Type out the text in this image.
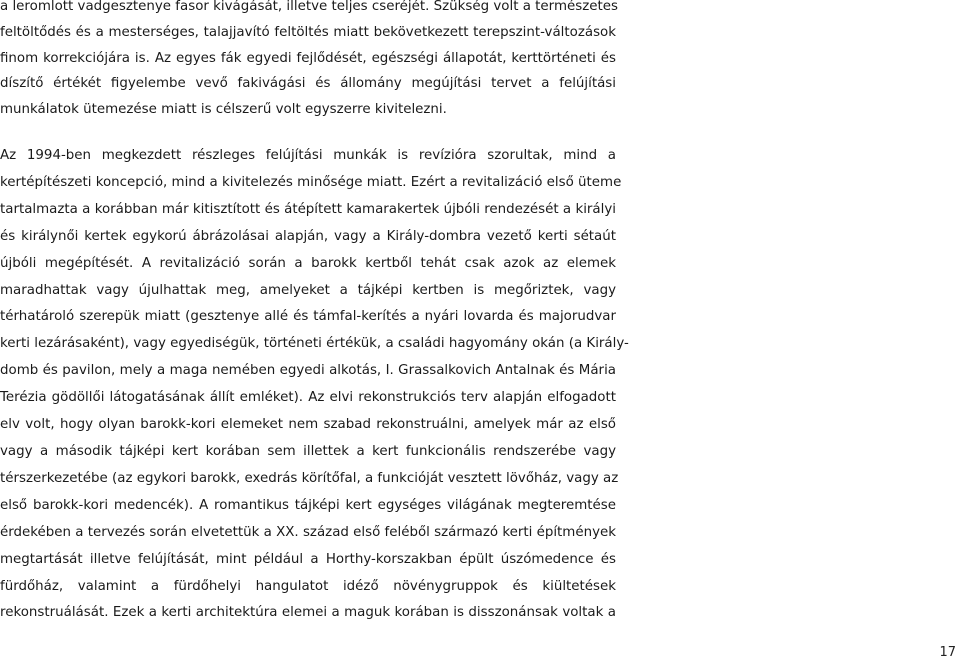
a leromlott vadgesztenye fasor kivágását, illetve teljes cseréjét. Szükség volt a természetes
feltöltődés és a mesterséges, talajjavító feltöltés miatt bekövetkezett terepszint-változások
finom korrekciójára is. Az egyes fák egyedi fejlődését, egészségi állapotát, kerttörténeti és
díszítő értékét figyelembe vevő fakivágási és állomány megújítási tervet a felújítási
munkálatok ütemezése miatt is célszerű volt egyszerre kivitelezni.
Az 1994-ben megkezdett részleges felújítási munkák is revízióra szorultak, mind a
kertépítészeti koncepció, mind a kivitelezés minősége miatt. Ezért a revitalizáció első üteme
tartalmazta a korábban már kitisztított és átépített kamarakertek újbóli rendezését a királyi
és királynői kertek egykorú ábrázolásai alapján, vagy a Király-dombra vezető kerti sétaút
újbóli megépítését. A revitalizáció során a barokk kertből tehát csak azok az elemek
maradhattak vagy újulhattak meg, amelyeket a tájképi kertben is megőriztek, vagy
térhatároló szerepük miatt (gesztenye allé és támfal-kerítés a nyári lovarda és majorudvar
kerti lezárásaként), vagy egyediségük, történeti értékük, a családi hagyomány okán (a Király-
domb és pavilon, mely a maga nemében egyedi alkotás, I. Grassalkovich Antalnak és Mária
Terézia gödöllői látogatásának állít emléket). Az elvi rekonstrukciós terv alapján elfogadott
elv volt, hogy olyan barokk-kori elemeket nem szabad rekonstruálni, amelyek már az első
vagy a második tájképi kert korában sem illettek a kert funkcionális rendszerébe vagy
térszerkezetébe (az egykori barokk, exedrás körítőfal, a funkcióját vesztett lövőház, vagy az
első barokk-kori medencék). A romantikus tájképi kert egységes világának megteremtése
érdekében a tervezés során elvetettük a XX. század első feléből származó kerti építmények
megtartását illetve felújítását, mint például a Horthy-korszakban épült úszómedence és
fürdőház, valamint a fürdőhelyi hangulatot idéző növénygruppok és kiültetések
rekonstruálását. Ezek a kerti architektúra elemei a maguk korában is disszonánsak voltak a
17
